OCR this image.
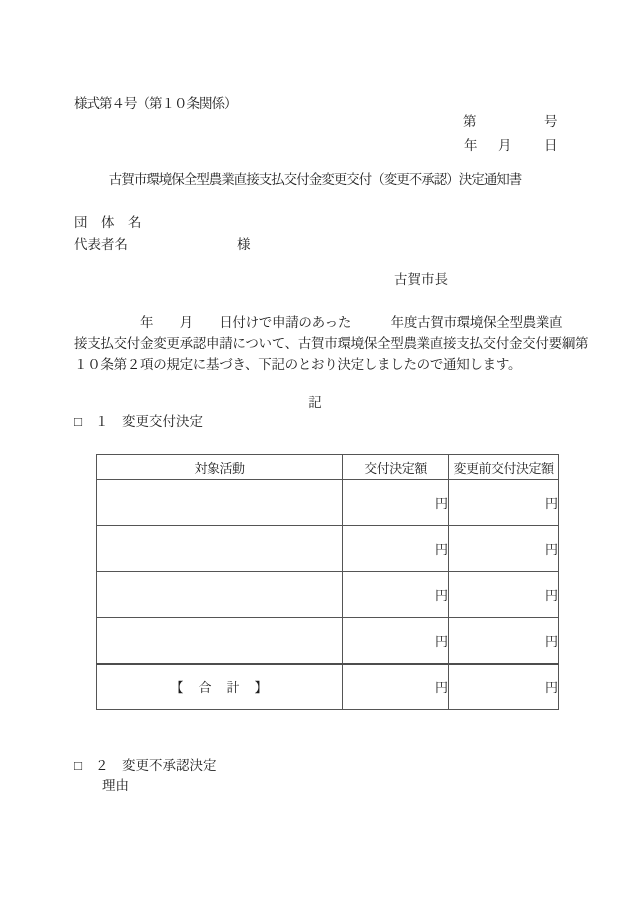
様式第４号（第１０条関係）
第	号
年 月 日
古賀市環境保全型農業直接支払交付金変更交付（変更不承認）決定通知書
団　体　名
代表者名	様
古賀市長
　　　　　年　　月　　日付けで申請のあった　　　年度古賀市環境保全型農業直
接支払交付金変更承認申請について、古賀市環境保全型農業直接支払交付金交付要綱第
１０条第２項の規定に基づき、下記のとおり決定しましたので通知します。
記
□ １ 変更交付決定
対象活動	交付決定額	変更前交付決定額
	円	円
	円	円
	円	円
	円	円
【　合　計　】	円	円
□ ２ 変更不承認決定
理由
